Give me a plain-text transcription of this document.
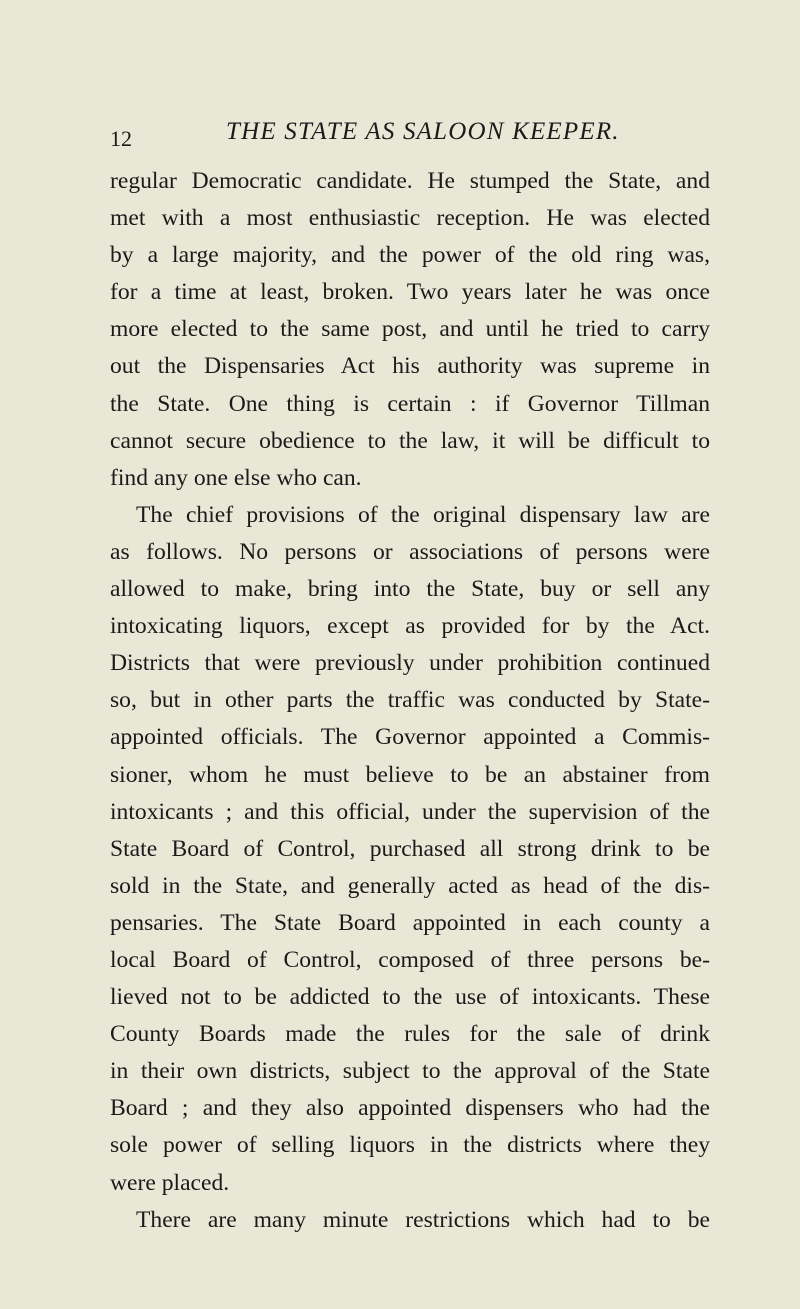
12	THE STATE AS SALOON KEEPER.
regular Democratic candidate. He stumped the State, and
met with a most enthusiastic reception. He was elected
by a large majority, and the power of the old ring was,
for a time at least, broken. Two years later he was once
more elected to the same post, and until he tried to carry
out the Dispensaries Act his authority was supreme in
the State. One thing is certain : if Governor Tillman
cannot secure obedience to the law, it will be difficult to
find any one else who can.
The chief provisions of the original dispensary law are
as follows. No persons or associations of persons were
allowed to make, bring into the State, buy or sell any
intoxicating liquors, except as provided for by the Act.
Districts that were previously under prohibition continued
so, but in other parts the traffic was conducted by State-
appointed officials. The Governor appointed a Commis-
sioner, whom he must believe to be an abstainer from
intoxicants ; and this official, under the supervision of the
State Board of Control, purchased all strong drink to be
sold in the State, and generally acted as head of the dis-
pensaries. The State Board appointed in each county a
local Board of Control, composed of three persons be-
lieved not to be addicted to the use of intoxicants. These
County Boards made the rules for the sale of drink
in their own districts, subject to the approval of the State
Board ; and they also appointed dispensers who had the
sole power of selling liquors in the districts where they
were placed.
There are many minute restrictions which had to be
